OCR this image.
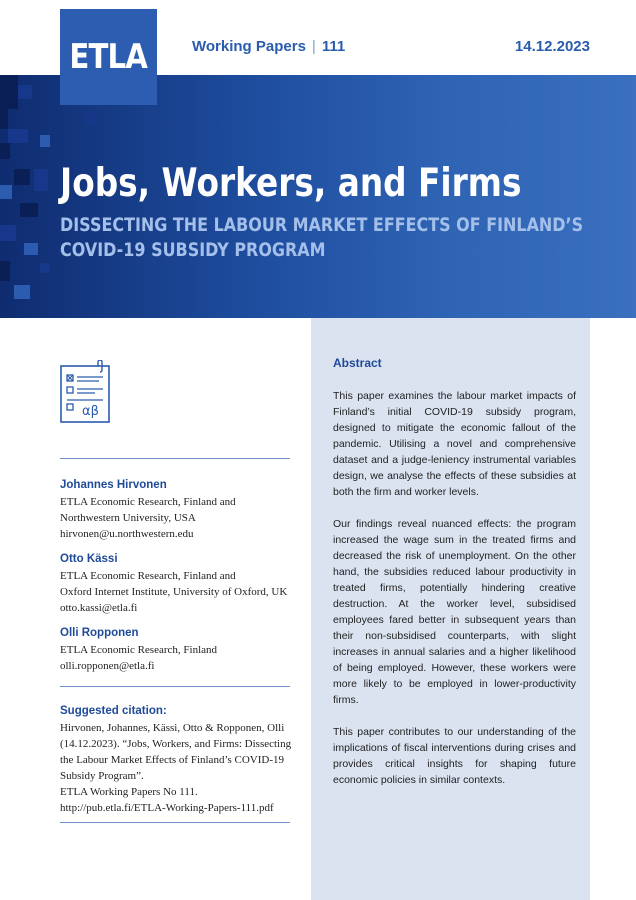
ETLA	Working Papers | 111	14.12.2023
Jobs, Workers, and Firms
DISSECTING THE LABOUR MARKET EFFECTS OF FINLAND’S
COVID-19 SUBSIDY PROGRAM
αβ
Johannes Hirvonen
ETLA Economic Research, Finland and
Northwestern University, USA
hirvonen@u.northwestern.edu
Otto Kässi
ETLA Economic Research, Finland and
Oxford Internet Institute, University of Oxford, UK
otto.kassi@etla.fi
Olli Ropponen
ETLA Economic Research, Finland
olli.ropponen@etla.fi
Suggested citation:
Hirvonen, Johannes, Kässi, Otto & Ropponen, Olli
(14.12.2023). “Jobs, Workers, and Firms: Dissecting
the Labour Market Effects of Finland’s COVID-19
Subsidy Program”.
ETLA Working Papers No 111.
http://pub.etla.fi/ETLA-Working-Papers-111.pdf
Abstract

This paper examines the labour market impacts of Finland’s initial COVID-19 subsidy program, designed to mitigate the economic fallout of the pandemic. Utilising a novel and comprehensive dataset and a judge-leniency instrumental variables design, we analyse the effects of these subsidies at both the firm and worker levels.

Our findings reveal nuanced effects: the program increased the wage sum in the treated firms and decreased the risk of unemployment. On the other hand, the subsidies reduced labour productivity in treated firms, potentially hindering creative destruction. At the worker level, subsidised employees fared better in subsequent years than their non-subsidised counterparts, with slight increases in annual salaries and a higher likelihood of being employed. However, these workers were more likely to be employed in lower-productivity firms.

This paper contributes to our understanding of the implications of fiscal interventions during crises and provides critical insights for shaping future economic policies in similar contexts.
